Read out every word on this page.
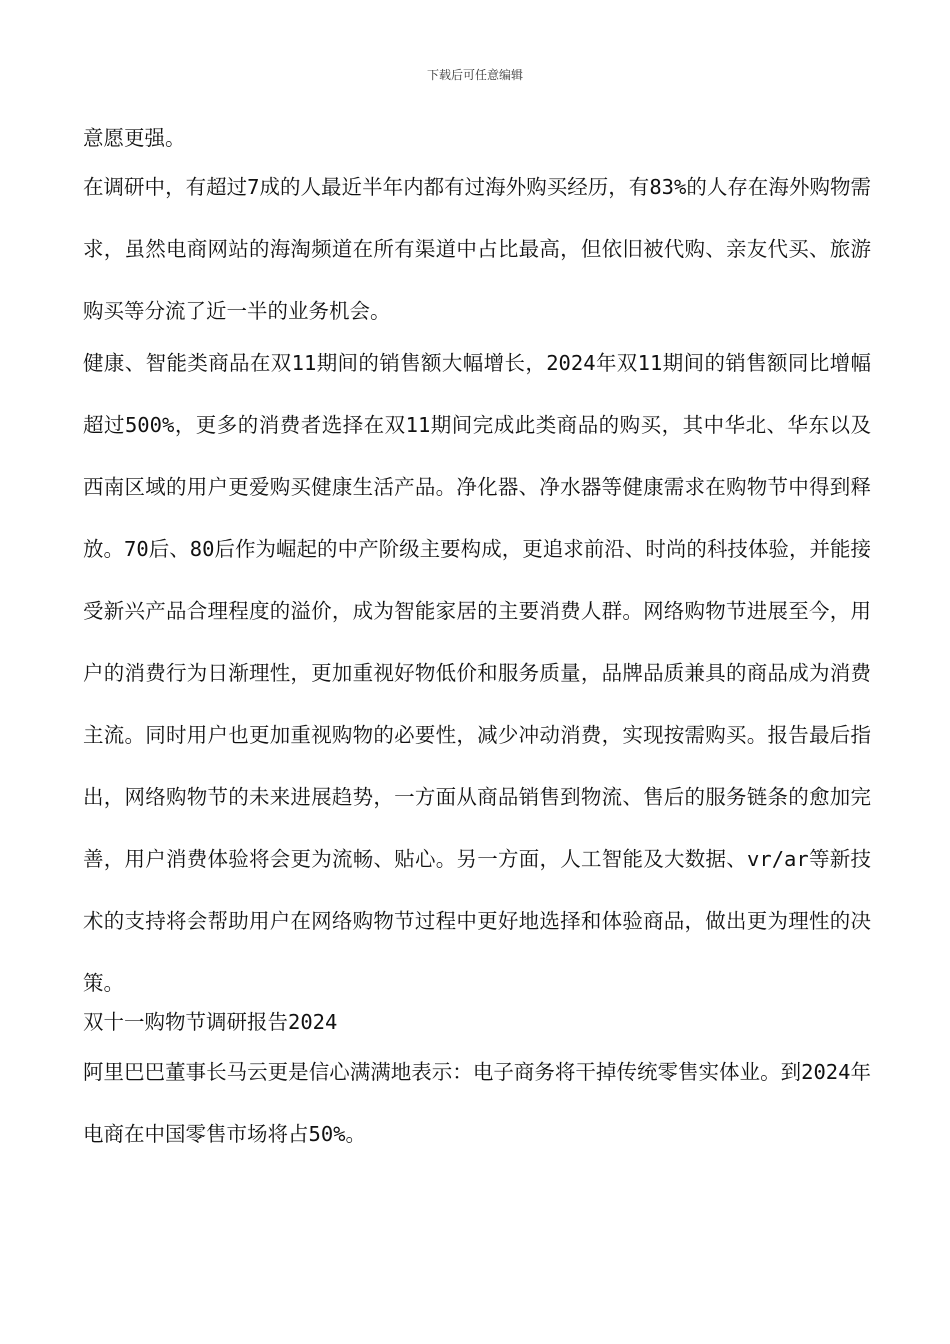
下载后可任意编辑

意愿更强。

在调研中，有超过7成的人最近半年内都有过海外购买经历，有83%的人存在海外购物需求，虽然电商网站的海淘频道在所有渠道中占比最高，但依旧被代购、亲友代买、旅游购买等分流了近一半的业务机会。

健康、智能类商品在双11期间的销售额大幅增长，2024年双11期间的销售额同比增幅超过500%，更多的消费者选择在双11期间完成此类商品的购买，其中华北、华东以及西南区域的用户更爱购买健康生活产品。净化器、净水器等健康需求在购物节中得到释放。70后、80后作为崛起的中产阶级主要构成，更追求前沿、时尚的科技体验，并能接受新兴产品合理程度的溢价，成为智能家居的主要消费人群。网络购物节进展至今，用户的消费行为日渐理性，更加重视好物低价和服务质量，品牌品质兼具的商品成为消费主流。同时用户也更加重视购物的必要性，减少冲动消费，实现按需购买。报告最后指出，网络购物节的未来进展趋势，一方面从商品销售到物流、售后的服务链条的愈加完善，用户消费体验将会更为流畅、贴心。另一方面，人工智能及大数据、vr/ar等新技术的支持将会帮助用户在网络购物节过程中更好地选择和体验商品，做出更为理性的决策。

双十一购物节调研报告2024

阿里巴巴董事长马云更是信心满满地表示：电子商务将干掉传统零售实体业。到2024年电商在中国零售市场将占50%。
